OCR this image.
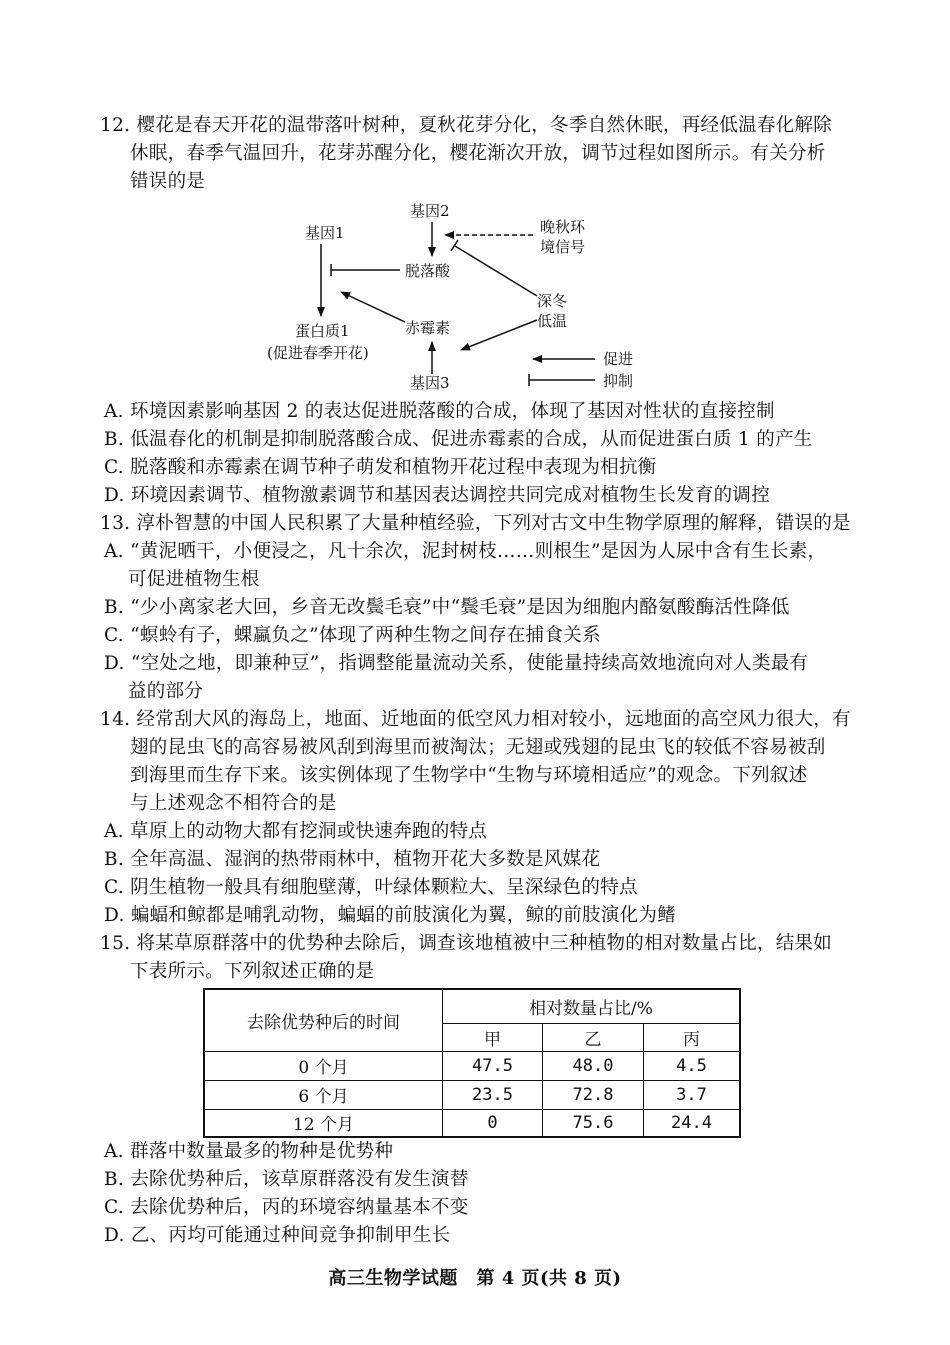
12. 樱花是春天开花的温带落叶树种，夏秋花芽分化，冬季自然休眠，再经低温春化解除
休眠，春季气温回升，花芽苏醒分化，樱花渐次开放，调节过程如图所示。有关分析
错误的是
基因2
基因1	晚秋环
境信号
脱落酸
深冬
低温
赤霉素
蛋白质1
(促进春季开花)
基因3
促进
抑制
A. 环境因素影响基因 2 的表达促进脱落酸的合成，体现了基因对性状的直接控制
B. 低温春化的机制是抑制脱落酸合成、促进赤霉素的合成，从而促进蛋白质 1 的产生
C. 脱落酸和赤霉素在调节种子萌发和植物开花过程中表现为相抗衡
D. 环境因素调节、植物激素调节和基因表达调控共同完成对植物生长发育的调控
13. 淳朴智慧的中国人民积累了大量种植经验，下列对古文中生物学原理的解释，错误的是
A. “黄泥晒干，小便浸之，凡十余次，泥封树枝……则根生”是因为人尿中含有生长素，
可促进植物生根
B. “少小离家老大回，乡音无改鬓毛衰”中“鬓毛衰”是因为细胞内酪氨酸酶活性降低
C. “螟蛉有子，蜾蠃负之”体现了两种生物之间存在捕食关系
D. “空处之地，即兼种豆”，指调整能量流动关系，使能量持续高效地流向对人类最有
益的部分
14. 经常刮大风的海岛上，地面、近地面的低空风力相对较小，远地面的高空风力很大，有
翅的昆虫飞的高容易被风刮到海里而被淘汰；无翅或残翅的昆虫飞的较低不容易被刮
到海里而生存下来。该实例体现了生物学中“生物与环境相适应”的观念。下列叙述
与上述观念不相符合的是
A. 草原上的动物大都有挖洞或快速奔跑的特点
B. 全年高温、湿润的热带雨林中，植物开花大多数是风媒花
C. 阴生植物一般具有细胞壁薄，叶绿体颗粒大、呈深绿色的特点
D. 蝙蝠和鲸都是哺乳动物，蝙蝠的前肢演化为翼，鲸的前肢演化为鳍
15. 将某草原群落中的优势种去除后，调查该地植被中三种植物的相对数量占比，结果如
下表所示。下列叙述正确的是
去除优势种后的时间	相对数量占比/%		
	甲	乙	丙
0 个月	47.5	48.0	4.5
6 个月	23.5	72.8	3.7
12 个月	0	75.6	24.4
A. 群落中数量最多的物种是优势种
B. 去除优势种后，该草原群落没有发生演替
C. 去除优势种后，丙的环境容纳量基本不变
D. 乙、丙均可能通过种间竞争抑制甲生长
高三生物学试题　第 4 页(共 8 页)
